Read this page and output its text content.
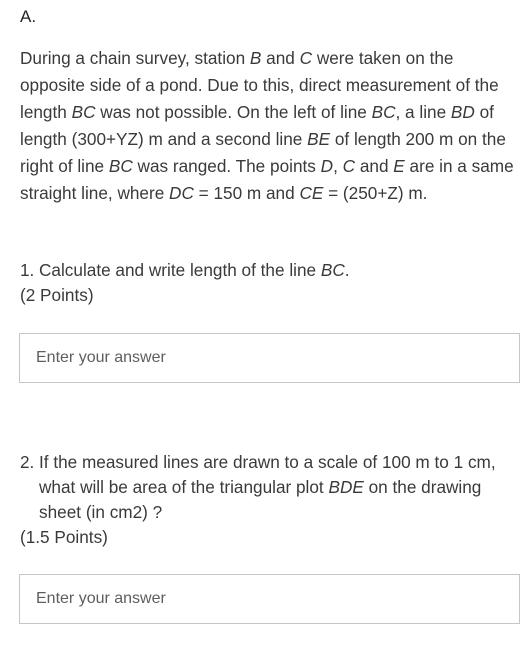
A.
During a chain survey, station B and C were taken on the opposite side of a pond. Due to this, direct measurement of the length BC was not possible. On the left of line BC, a line BD of length (300+YZ) m and a second line BE of length 200 m on the right of line BC was ranged. The points D, C and E are in a same straight line, where DC = 150 m and CE = (250+Z) m.
1. Calculate and write length of the line BC.
(2 Points)
Enter your answer
2. If the measured lines are drawn to a scale of 100 m to 1 cm, what will be area of the triangular plot BDE on the drawing sheet (in cm2) ?
(1.5 Points)
Enter your answer
